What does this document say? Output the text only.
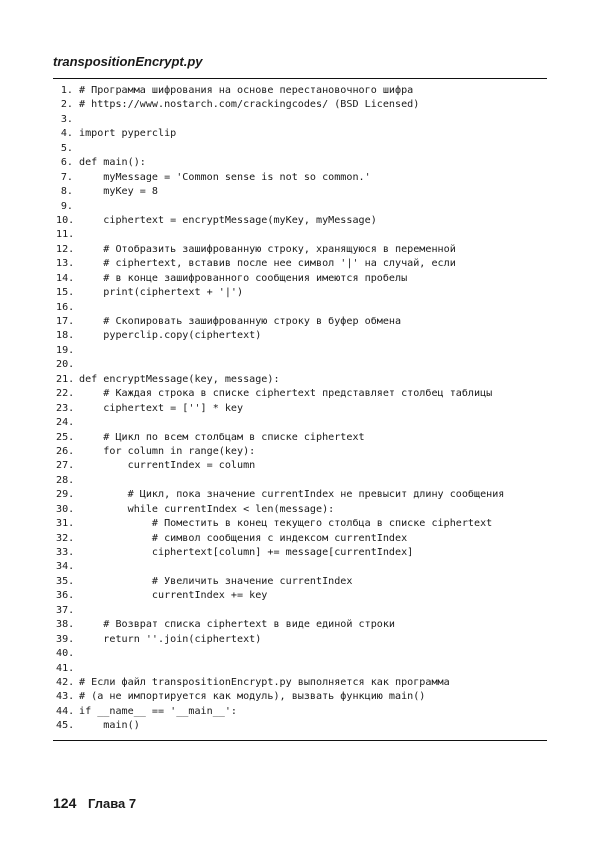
transpositionEncrypt.py
1. # Программа шифрования на основе перестановочного шифра
2. # https://www.nostarch.com/crackingcodes/ (BSD Licensed)
3.
4. import pyperclip
5.
6. def main():
7.    myMessage = 'Common sense is not so common.'
8.    myKey = 8
9.
10.    ciphertext = encryptMessage(myKey, myMessage)
11.
12.    # Отобразить зашифрованную строку, хранящуюся в переменной
13.    # ciphertext, вставив после нее символ '|' на случай, если
14.    # в конце зашифрованного сообщения имеются пробелы
15.    print(ciphertext + '|')
16.
17.    # Скопировать зашифрованную строку в буфер обмена
18.    pyperclip.copy(ciphertext)
19.
20.
21. def encryptMessage(key, message):
22.    # Каждая строка в списке ciphertext представляет столбец таблицы
23.    ciphertext = [''] * key
24.
25.    # Цикл по всем столбцам в списке ciphertext
26.    for column in range(key):
27.        currentIndex = column
28.
29.        # Цикл, пока значение currentIndex не превысит длину сообщения
30.        while currentIndex < len(message):
31.            # Поместить в конец текущего столбца в списке ciphertext
32.            # символ сообщения с индексом currentIndex
33.            ciphertext[column] += message[currentIndex]
34.
35.            # Увеличить значение currentIndex
36.            currentIndex += key
37.
38.    # Возврат списка ciphertext в виде единой строки
39.    return ''.join(ciphertext)
40.
41.
42. # Если файл transpositionEncrypt.py выполняется как программа
43. # (а не импортируется как модуль), вызвать функцию main()
44. if __name__ == '__main__':
45.    main()
124 Глава 7
